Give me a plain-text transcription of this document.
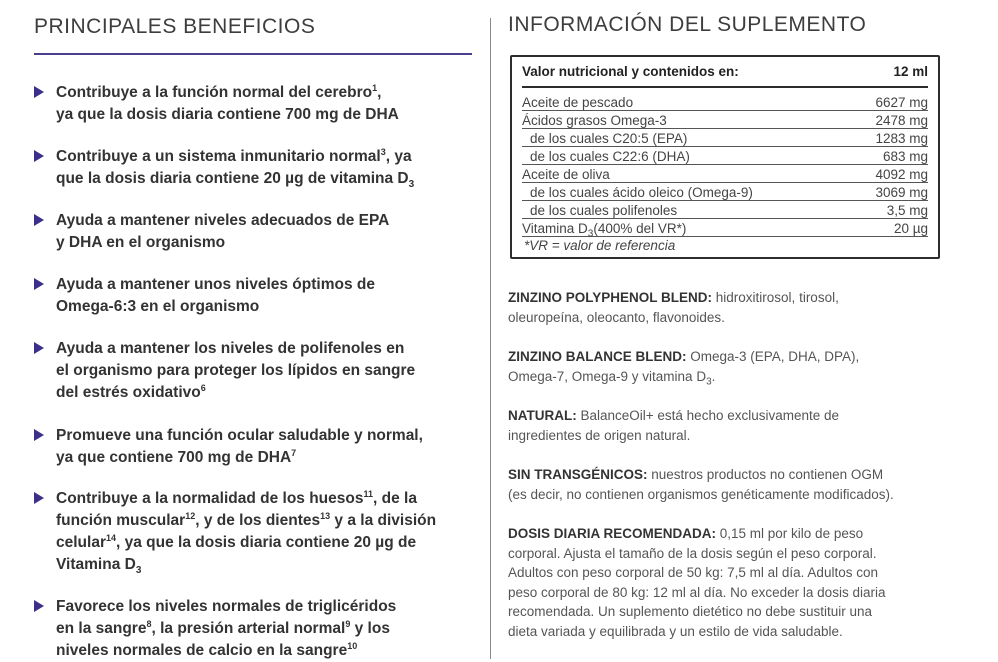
PRINCIPALES BENEFICIOS
Contribuye a la función normal del cerebro$^1$,
ya que la dosis diaria contiene 700 mg de DHA
Contribuye a un sistema inmunitario normal$^3$, ya
que la dosis diaria contiene 20 µg de vitamina $D_3$
Ayuda a mantener niveles adecuados de EPA
y DHA en el organismo
Ayuda a mantener unos niveles óptimos de
Omega-6:3 en el organismo
Ayuda a mantener los niveles de polifenoles en
el organismo para proteger los lípidos en sangre
del estrés oxidativo$^6$
Promueve una función ocular saludable y normal,
ya que contiene 700 mg de DHA$^7$
Contribuye a la normalidad de los huesos$^{11}$, de la
función muscular$^{12}$, y de los dientes$^{13}$ y a la división
celular$^{14}$, ya que la dosis diaria contiene 20 µg de
Vitamina $D_3$
Favorece los niveles normales de triglicéridos
en la sangre$^8$, la presión arterial normal$^9$ y los
niveles normales de calcio en la sangre$^{10}$
INFORMACIÓN DEL SUPLEMENTO
Valor nutricional y contenidos en:	12 ml
Aceite de pescado	6627 mg
Ácidos grasos Omega-3	2478 mg
de los cuales C20:5 (EPA)	1283 mg
de los cuales C22:6 (DHA)	683 mg
Aceite de oliva	4092 mg
de los cuales ácido oleico (Omega-9)	3069 mg
de los cuales polifenoles	3,5 mg
Vitamina $D_3(400\%$ del VR*)	20 µg
*VR = valor de referencia
ZINZINO POLYPHENOL BLEND: hidroxitirosol, tirosol,
oleuropeína, oleocanto, flavonoides.
ZINZINO BALANCE BLEND: Omega-3 (EPA, DHA, DPA),
Omega-7, Omega-9 y vitamina $D_3$.
NATURAL: BalanceOil+ está hecho exclusivamente de
ingredientes de origen natural.
SIN TRANSGÉNICOS: nuestros productos no contienen OGM
(es decir, no contienen organismos genéticamente modificados).
DOSIS DIARIA RECOMENDADA: 0,15 ml por kilo de peso
corporal. Ajusta el tamaño de la dosis según el peso corporal.
Adultos con peso corporal de 50 kg: 7,5 ml al día. Adultos con
peso corporal de 80 kg: 12 ml al día. No exceder la dosis diaria
recomendada. Un suplemento dietético no debe sustituir una
dieta variada y equilibrada y un estilo de vida saludable.
